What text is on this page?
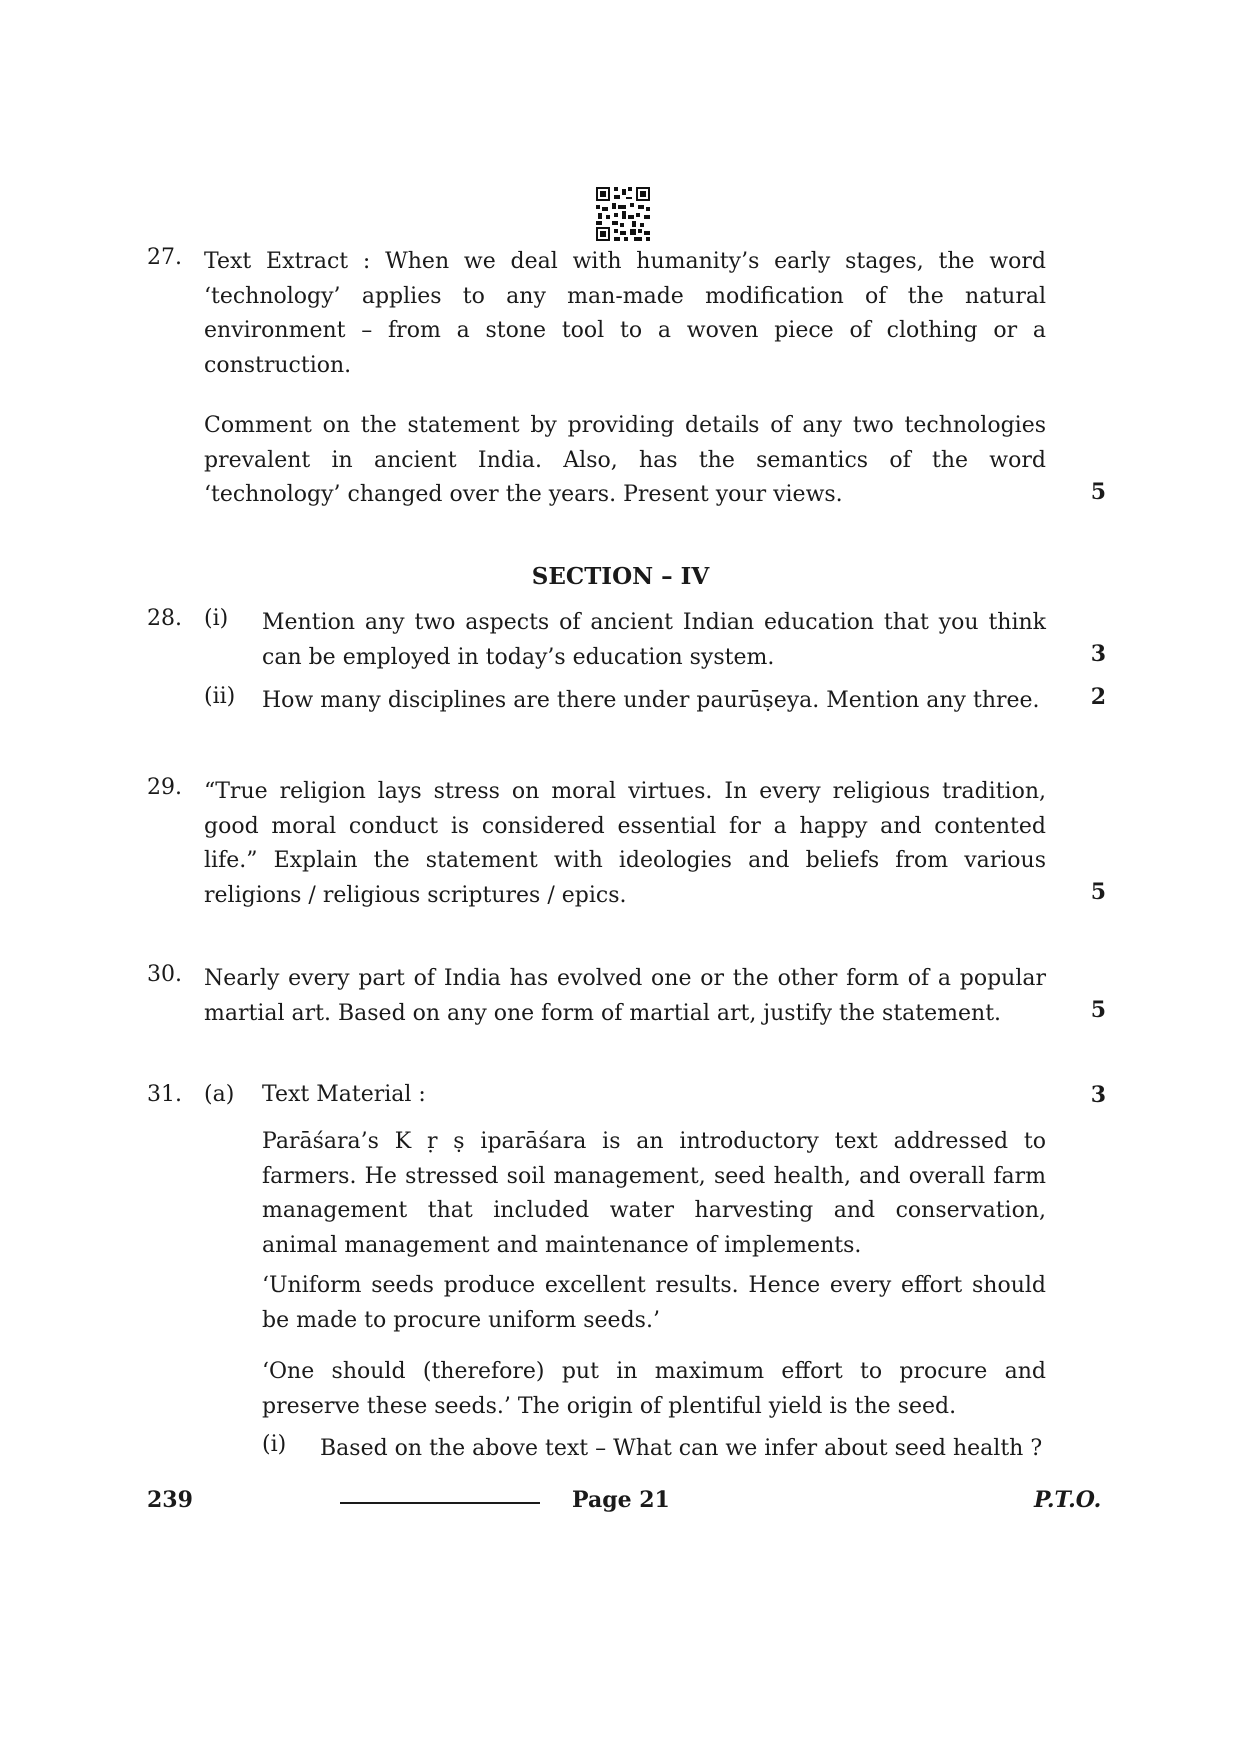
27. Text Extract : When we deal with humanity’s early stages, the word ‘technology’ applies to any man-made modification of the natural environment – from a stone tool to a woven piece of clothing or a construction.
Comment on the statement by providing details of any two technologies prevalent in ancient India. Also, has the semantics of the word ‘technology’ changed over the years. Present your views.	5
SECTION – IV
28. (i) Mention any two aspects of ancient Indian education that you think can be employed in today’s education system.	3
(ii) How many disciplines are there under paurūṣeya. Mention any three.	2
29. “True religion lays stress on moral virtues. In every religious tradition, good moral conduct is considered essential for a happy and contented life.” Explain the statement with ideologies and beliefs from various religions / religious scriptures / epics.	5
30. Nearly every part of India has evolved one or the other form of a popular martial art. Based on any one form of martial art, justify the statement.	5
31. (a) Text Material :	3
Parāśara’s K ṛ ṣ iparāśara is an introductory text addressed to farmers. He stressed soil management, seed health, and overall farm management that included water harvesting and conservation, animal management and maintenance of implements.
‘Uniform seeds produce excellent results. Hence every effort should be made to procure uniform seeds.’
‘One should (therefore) put in maximum effort to procure and preserve these seeds.’ The origin of plentiful yield is the seed.
(i) Based on the above text – What can we infer about seed health ?
239	Page 21	P.T.O.
